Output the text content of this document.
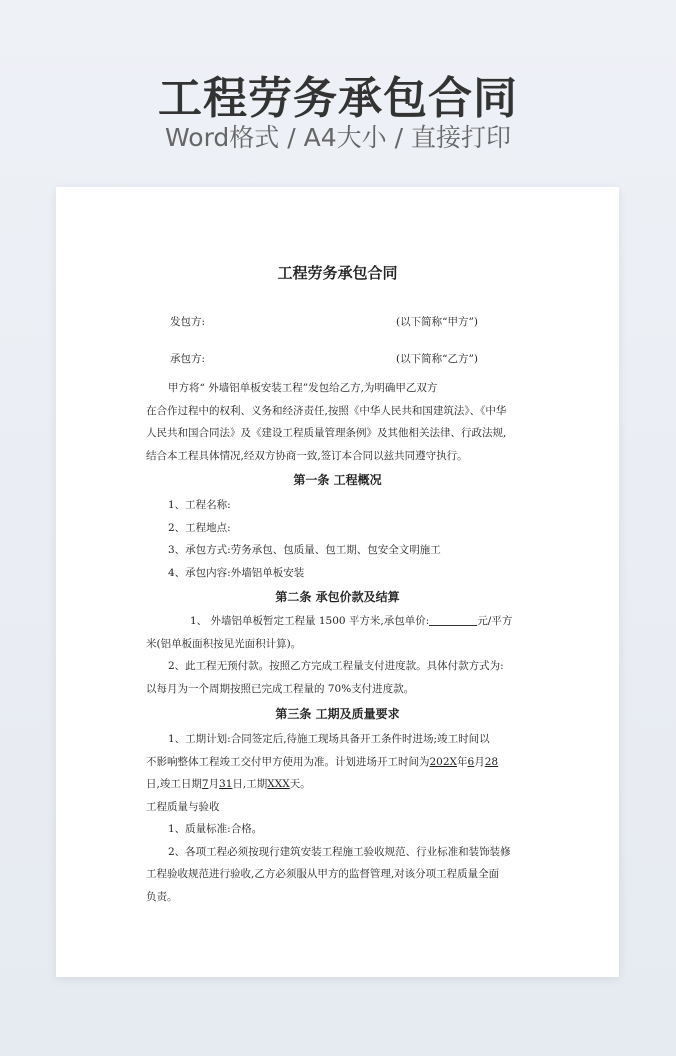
工程劳务承包合同
Word格式 / A4大小 / 直接打印
工程劳务承包合同
发包方:	(以下简称“甲方”)
承包方:	(以下简称“乙方”)

甲方将“ 外墙铝单板安装工程”发包给乙方,为明确甲乙双方

在合作过程中的权利、义务和经济责任,按照《中华人民共和国建筑法》、《中华

人民共和国合同法》及《建设工程质量管理条例》及其他相关法律、行政法规,

结合本工程具体情况,经双方协商一致,签订本合同以兹共同遵守执行。

第一条 工程概况

1、工程名称:

2、工程地点:

3、承包方式:劳务承包、包质量、包工期、包安全文明施工

4、承包内容:外墙铝单板安装

第二条 承包价款及结算

1、 外墙铝单板暂定工程量 1500 平方米,承包单价:	元/平方

米(铝单板面积按见光面积计算)。

2、此工程无预付款。按照乙方完成工程量支付进度款。具体付款方式为:

以每月为一个周期按照已完成工程量的 70%支付进度款。

第三条 工期及质量要求

1、工期计划:合同签定后,待施工现场具备开工条件时进场;竣工时间以

不影响整体工程竣工交付甲方使用为准。计划进场开工时间为202X年6月28

日,竣工日期7月31日,工期XXX天。

工程质量与验收

1、质量标准:合格。

2、各项工程必须按现行建筑安装工程施工验收规范、行业标准和装饰装修

工程验收规范进行验收,乙方必须服从甲方的监督管理,对该分项工程质量全面

负责。
